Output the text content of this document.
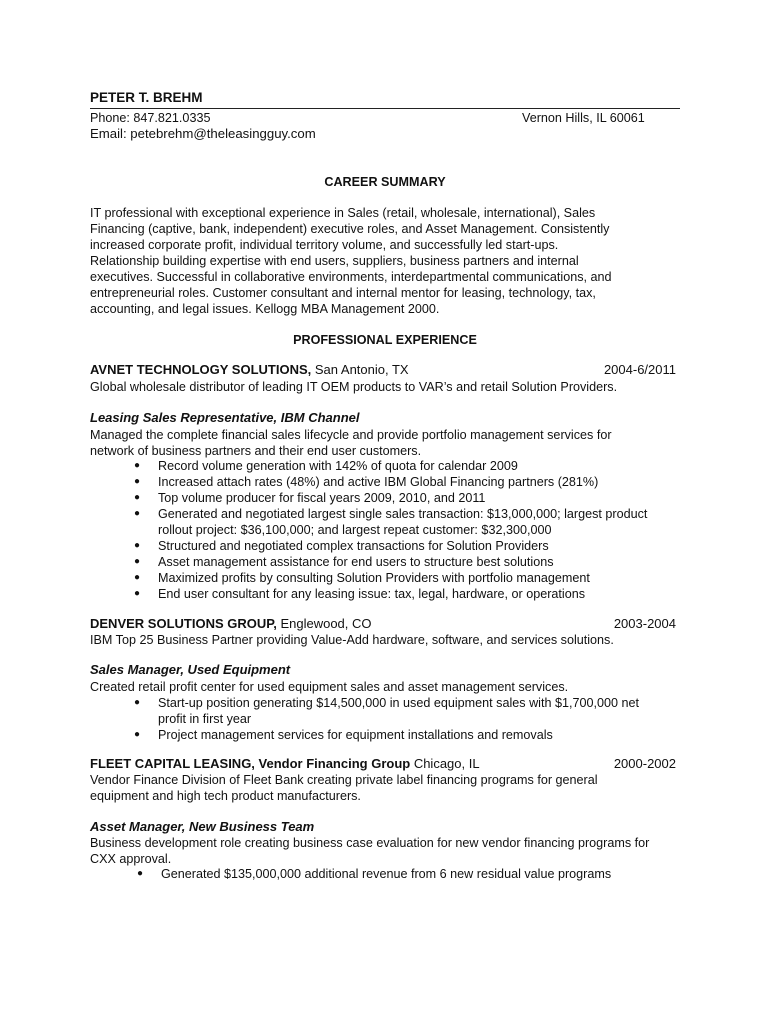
PETER T. BREHM
Phone: 847.821.0335	Vernon Hills, IL 60061
Email: petebrehm@theleasingguy.com
CAREER SUMMARY

IT professional with exceptional experience in Sales (retail, wholesale, international), Sales

Financing (captive, bank, independent) executive roles, and Asset Management. Consistently

increased corporate profit, individual territory volume, and successfully led start-ups.

Relationship building expertise with end users, suppliers, business partners and internal

executives. Successful in collaborative environments, interdepartmental communications, and

entrepreneurial roles. Customer consultant and internal mentor for leasing, technology, tax,

accounting, and legal issues. Kellogg MBA Management 2000.

PROFESSIONAL EXPERIENCE
AVNET TECHNOLOGY SOLUTIONS, San Antonio, TX	2004-6/2011

Global wholesale distributor of leading IT OEM products to VAR’s and retail Solution Providers.

Leasing Sales Representative, IBM Channel

Managed the complete financial sales lifecycle and provide portfolio management services for

network of business partners and their end user customers.

● Record volume generation with 142% of quota for calendar 2009
● Increased attach rates (48%) and active IBM Global Financing partners (281%)
● Top volume producer for fiscal years 2009, 2010, and 2011
● Generated and negotiated largest single sales transaction: $13,000,000; largest product
rollout project: $36,100,000; and largest repeat customer: $32,300,000
● Structured and negotiated complex transactions for Solution Providers
● Asset management assistance for end users to structure best solutions
● Maximized profits by consulting Solution Providers with portfolio management
● End user consultant for any leasing issue: tax, legal, hardware, or operations
DENVER SOLUTIONS GROUP, Englewood, CO	2003-2004

IBM Top 25 Business Partner providing Value-Add hardware, software, and services solutions.

Sales Manager, Used Equipment

Created retail profit center for used equipment sales and asset management services.

● Start-up position generating $14,500,000 in used equipment sales with $1,700,000 net
profit in first year
● Project management services for equipment installations and removals
FLEET CAPITAL LEASING, Vendor Financing Group Chicago, IL	2000-2002

Vendor Finance Division of Fleet Bank creating private label financing programs for general

equipment and high tech product manufacturers.

Asset Manager, New Business Team

Business development role creating business case evaluation for new vendor financing programs for

CXX approval.

● Generated $135,000,000 additional revenue from 6 new residual value programs
